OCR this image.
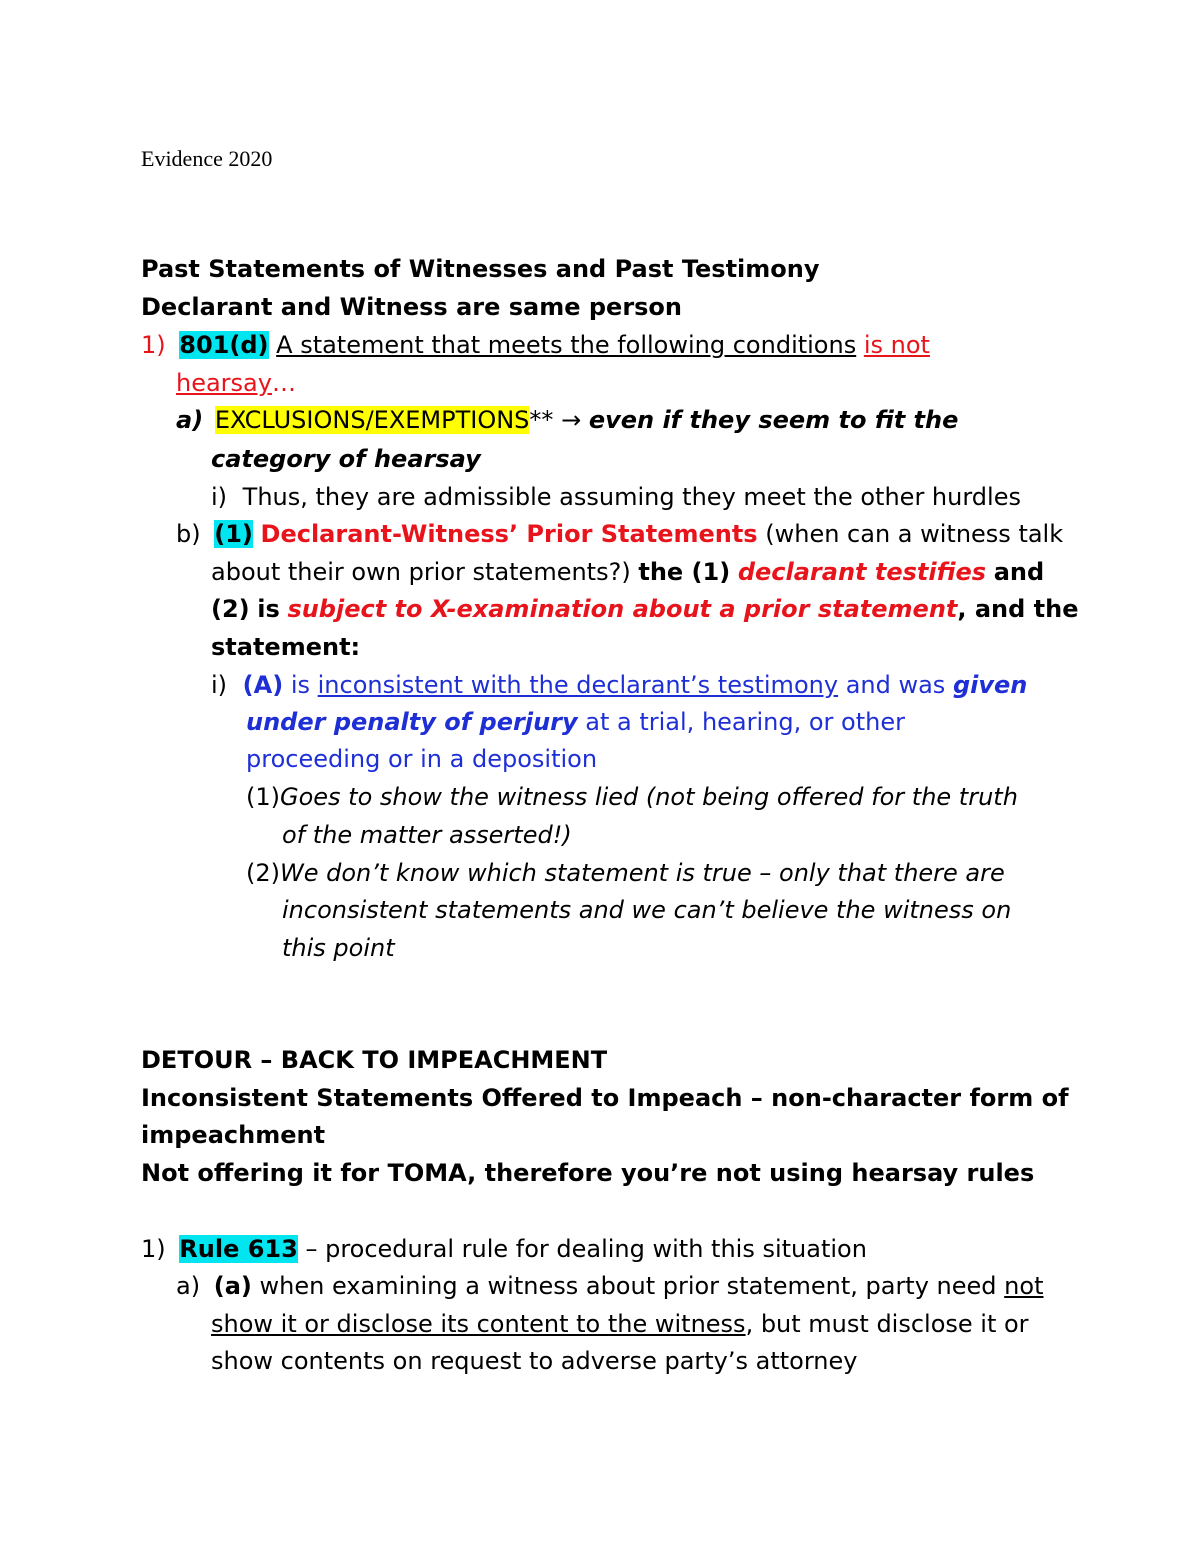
Evidence 2020
Past Statements of Witnesses and Past Testimony
Declarant and Witness are same person
1) 801(d) A statement that meets the following conditions is not
hearsay…
a) EXCLUSIONS/EXEMPTIONS** → even if they seem to fit the
category of hearsay
i) Thus, they are admissible assuming they meet the other hurdles
b) (1) Declarant-Witness’ Prior Statements (when can a witness talk
about their own prior statements?) the (1) declarant testifies and
(2) is subject to X-examination about a prior statement, and the
statement:
i) (A) is inconsistent with the declarant’s testimony and was given
under penalty of perjury at a trial, hearing, or other
proceeding or in a deposition
(1)Goes to show the witness lied (not being offered for the truth
of the matter asserted!)
(2)We don’t know which statement is true – only that there are
inconsistent statements and we can’t believe the witness on
this point
DETOUR – BACK TO IMPEACHMENT
Inconsistent Statements Offered to Impeach – non-character form of
impeachment
Not offering it for TOMA, therefore you’re not using hearsay rules
1) Rule 613 – procedural rule for dealing with this situation
a) (a) when examining a witness about prior statement, party need not
show it or disclose its content to the witness, but must disclose it or
show contents on request to adverse party’s attorney
